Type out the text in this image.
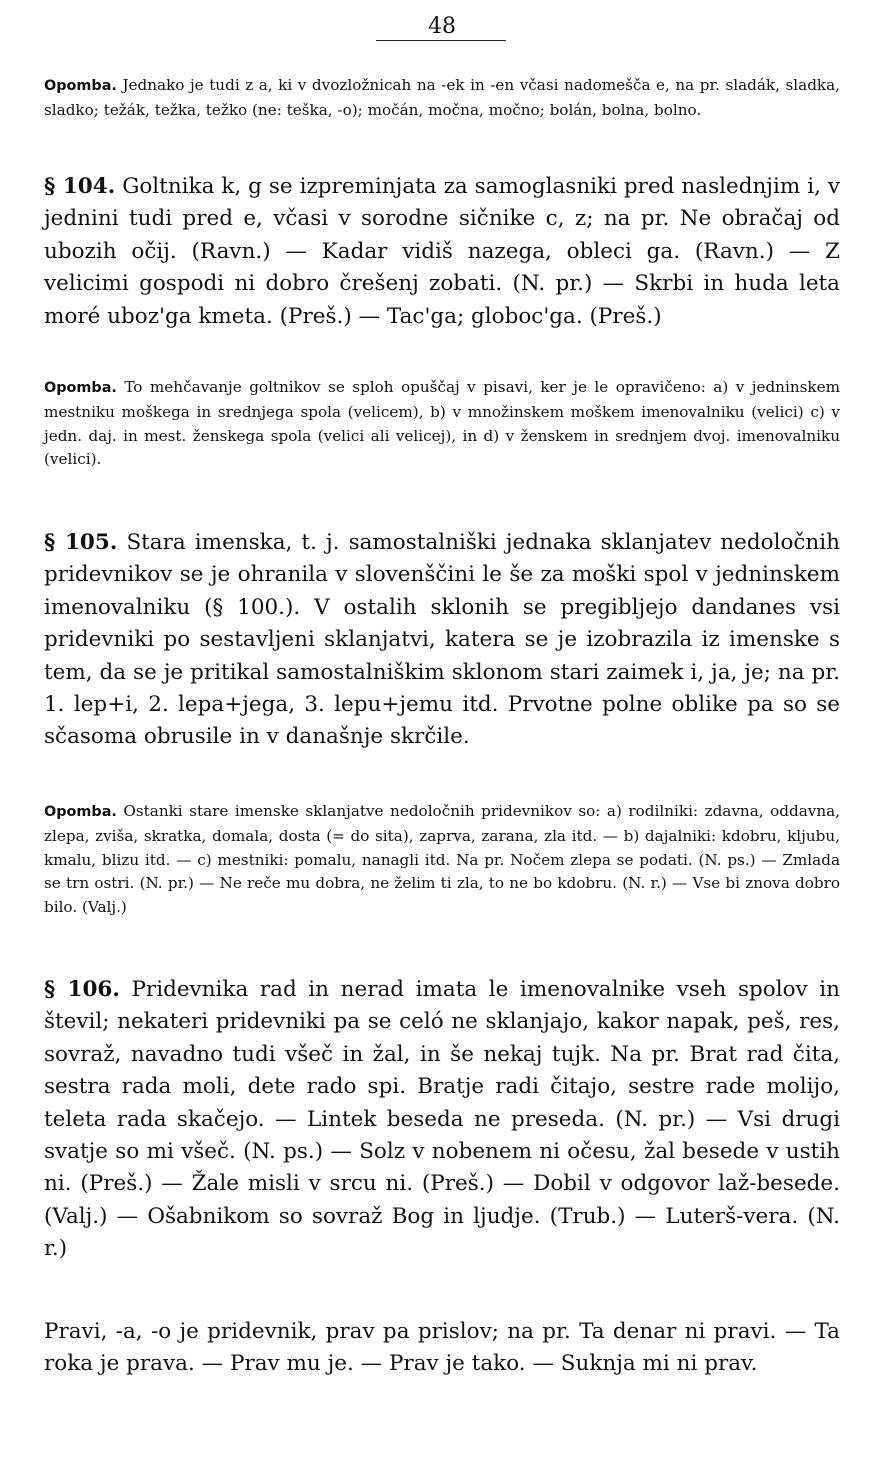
48

Opomba. Jednako je tudi z a, ki v dvozložnicah na -ek in -en včasi nadomešča e, na pr. sladák, sladka, sladko; težák, težka, težko (ne: teška, -o); močán, močna, močno; bolán, bolna, bolno.

§ 104. Goltnika k, g se izpreminjata za samoglasniki pred naslednjim i, v jednini tudi pred e, včasi v sorodne sičnike c, z; na pr. Ne obračaj od ubozih očij. (Ravn.) — Kadar vidiš nazega, obleci ga. (Ravn.) — Z velicimi gospodi ni dobro črešenj zobati. (N. pr.) — Skrbi in huda leta moré uboz'ga kmeta. (Preš.) — Tac'ga; globoc'ga. (Preš.)

Opomba. To mehčavanje goltnikov se sploh opuščaj v pisavi, ker je le opravičeno: a) v jedninskem mestniku moškega in srednjega spola (velicem), b) v množinskem moškem imenovalniku (velici) c) v jedn. daj. in mest. ženskega spola (velici ali velicej), in d) v ženskem in srednjem dvoj. imenovalniku (velici).

§ 105. Stara imenska, t. j. samostalniški jednaka sklanjatev nedoločnih pridevnikov se je ohranila v slovenščini le še za moški spol v jedninskem imenovalniku (§ 100.). V ostalih sklonih se pregibljejo dandanes vsi pridevniki po sestavljeni sklanjatvi, katera se je izobrazila iz imenske s tem, da se je pritikal samostalniškim sklonom stari zaimek i, ja, je; na pr. 1. lep+i, 2. lepa+jega, 3. lepu+jemu itd. Prvotne polne oblike pa so se sčasoma obrusile in v današnje skrčile.

Opomba. Ostanki stare imenske sklanjatve nedoločnih pridevnikov so: a) rodilniki: zdavna, oddavna, zlepa, zviša, skratka, domala, dosta (= do sita), zaprva, zarana, zla itd. — b) dajalniki: kdobru, kljubu, kmalu, blizu itd. — c) mestniki: pomalu, nanagli itd. Na pr. Nočem zlepa se podati. (N. ps.) — Zmlada se trn ostri. (N. pr.) — Ne reče mu dobra, ne želim ti zla, to ne bo kdobru. (N. r.) — Vse bi znova dobro bilo. (Valj.)

§ 106. Pridevnika rad in nerad imata le imenovalnike vseh spolov in števil; nekateri pridevniki pa se celó ne sklanjajo, kakor napak, peš, res, sovraž, navadno tudi všeč in žal, in še nekaj tujk. Na pr. Brat rad čita, sestra rada moli, dete rado spi. Bratje radi čitajo, sestre rade molijo, teleta rada skačejo. — Lintek beseda ne preseda. (N. pr.) — Vsi drugi svatje so mi všeč. (N. ps.) — Solz v nobenem ni očesu, žal besede v ustih ni. (Preš.) — Žale misli v srcu ni. (Preš.) — Dobil v odgovor laž-besede. (Valj.) — Ošabnikom so sovraž Bog in ljudje. (Trub.) — Luterš-vera. (N. r.)

Pravi, -a, -o je pridevnik, prav pa prislov; na pr. Ta denar ni pravi. — Ta roka je prava. — Prav mu je. — Prav je tako. — Suknja mi ni prav.
